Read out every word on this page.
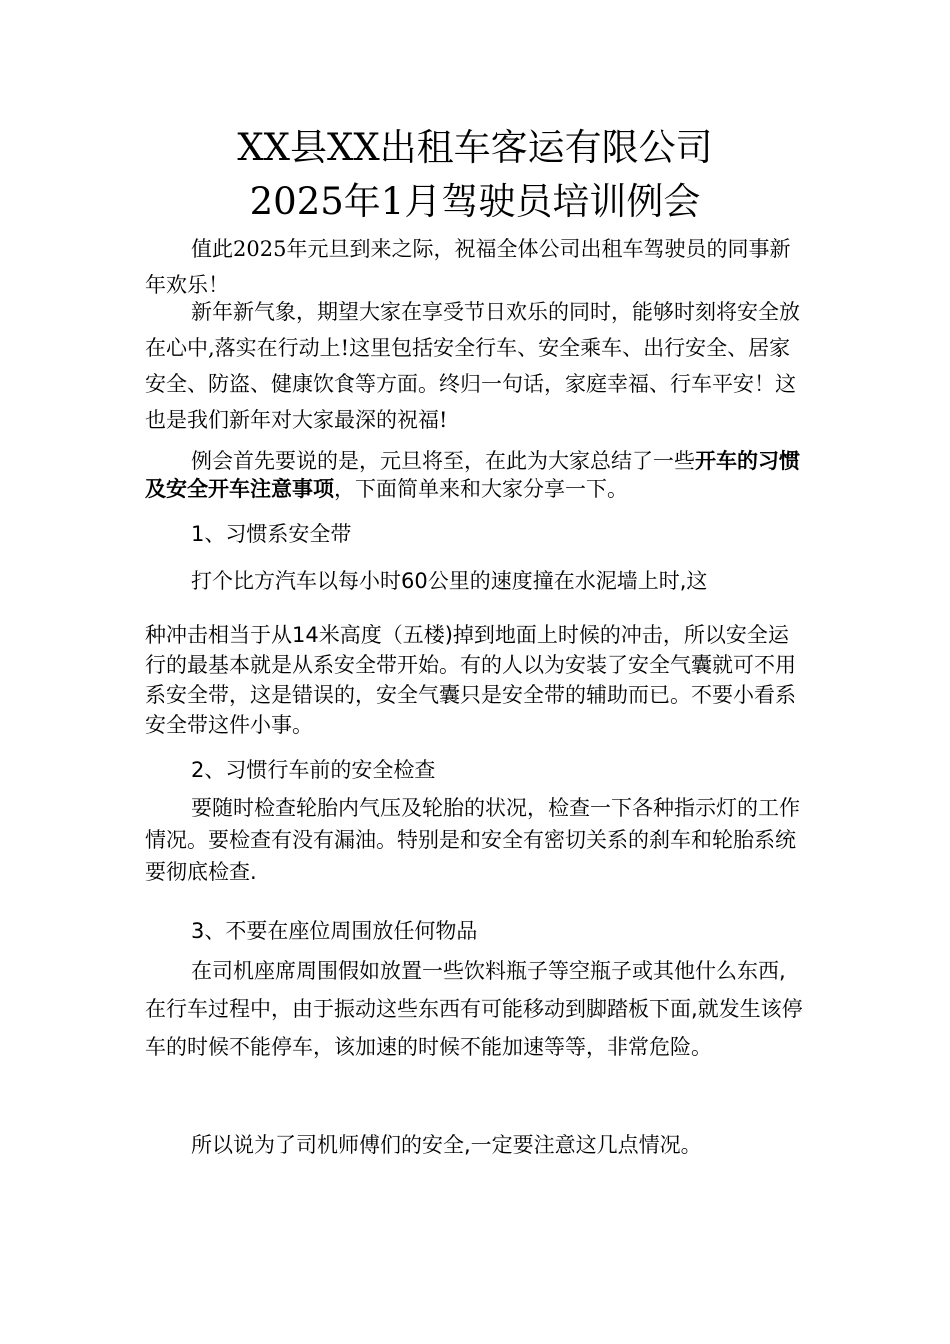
XX县XX出租车客运有限公司
2025年1月驾驶员培训例会

值此2025年元旦到来之际，祝福全体公司出租车驾驶员的同事新年欢乐！

新年新气象，期望大家在享受节日欢乐的同时，能够时刻将安全放在心中,落实在行动上!这里包括安全行车、安全乘车、出行安全、居家安全、防盗、健康饮食等方面。终归一句话，家庭幸福、行车平安！这也是我们新年对大家最深的祝福!

例会首先要说的是，元旦将至，在此为大家总结了一些开车的习惯及安全开车注意事项，下面简单来和大家分享一下。

1、习惯系安全带

打个比方汽车以每小时60公里的速度撞在水泥墙上时,这

种冲击相当于从14米高度（五楼)掉到地面上时候的冲击，所以安全运行的最基本就是从系安全带开始。有的人以为安装了安全气囊就可不用系安全带，这是错误的，安全气囊只是安全带的辅助而已。不要小看系安全带这件小事。

2、习惯行车前的安全检查

要随时检查轮胎内气压及轮胎的状况，检查一下各种指示灯的工作情况。要检查有没有漏油。特别是和安全有密切关系的刹车和轮胎系统要彻底检查.

3、不要在座位周围放任何物品

在司机座席周围假如放置一些饮料瓶子等空瓶子或其他什么东西,在行车过程中，由于振动这些东西有可能移动到脚踏板下面,就发生该停车的时候不能停车，该加速的时候不能加速等等，非常危险。

所以说为了司机师傅们的安全,一定要注意这几点情况。
